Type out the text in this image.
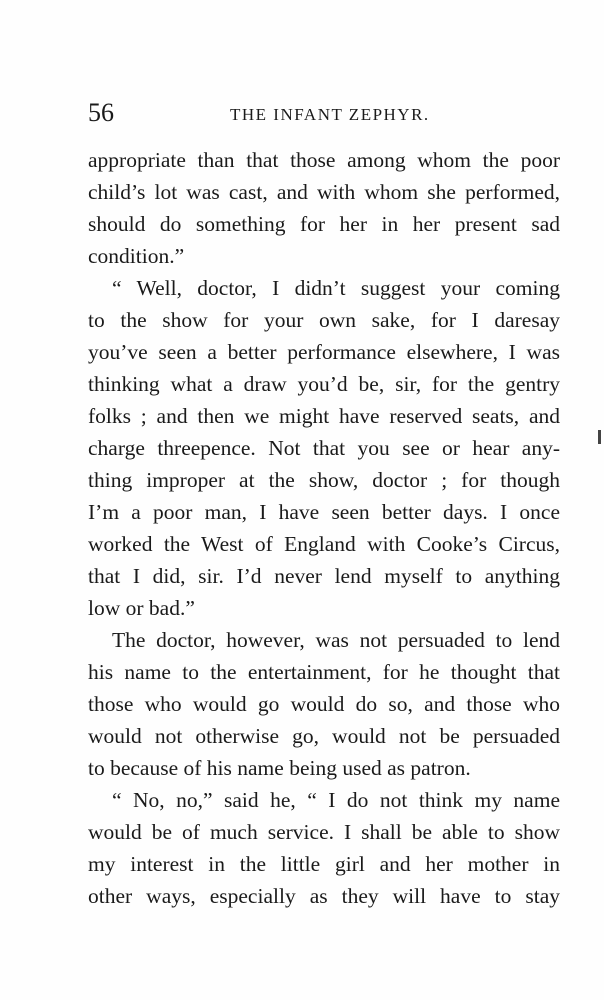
56	THE INFANT ZEPHYR.
appropriate than that those among whom the poor
child’s lot was cast, and with whom she performed,
should do something for her in her present sad
condition.”
“ Well, doctor, I didn’t suggest your coming
to the show for your own sake, for I daresay
you’ve seen a better performance elsewhere, I was
thinking what a draw you’d be, sir, for the gentry
folks ; and then we might have reserved seats, and
charge threepence. Not that you see or hear any-
thing improper at the show, doctor ; for though
I’m a poor man, I have seen better days. I once
worked the West of England with Cooke’s Circus,
that I did, sir. I’d never lend myself to anything
low or bad.”
The doctor, however, was not persuaded to lend
his name to the entertainment, for he thought that
those who would go would do so, and those who
would not otherwise go, would not be persuaded
to because of his name being used as patron.
“ No, no,” said he, “ I do not think my name
would be of much service. I shall be able to show
my interest in the little girl and her mother in
other ways, especially as they will have to stay
